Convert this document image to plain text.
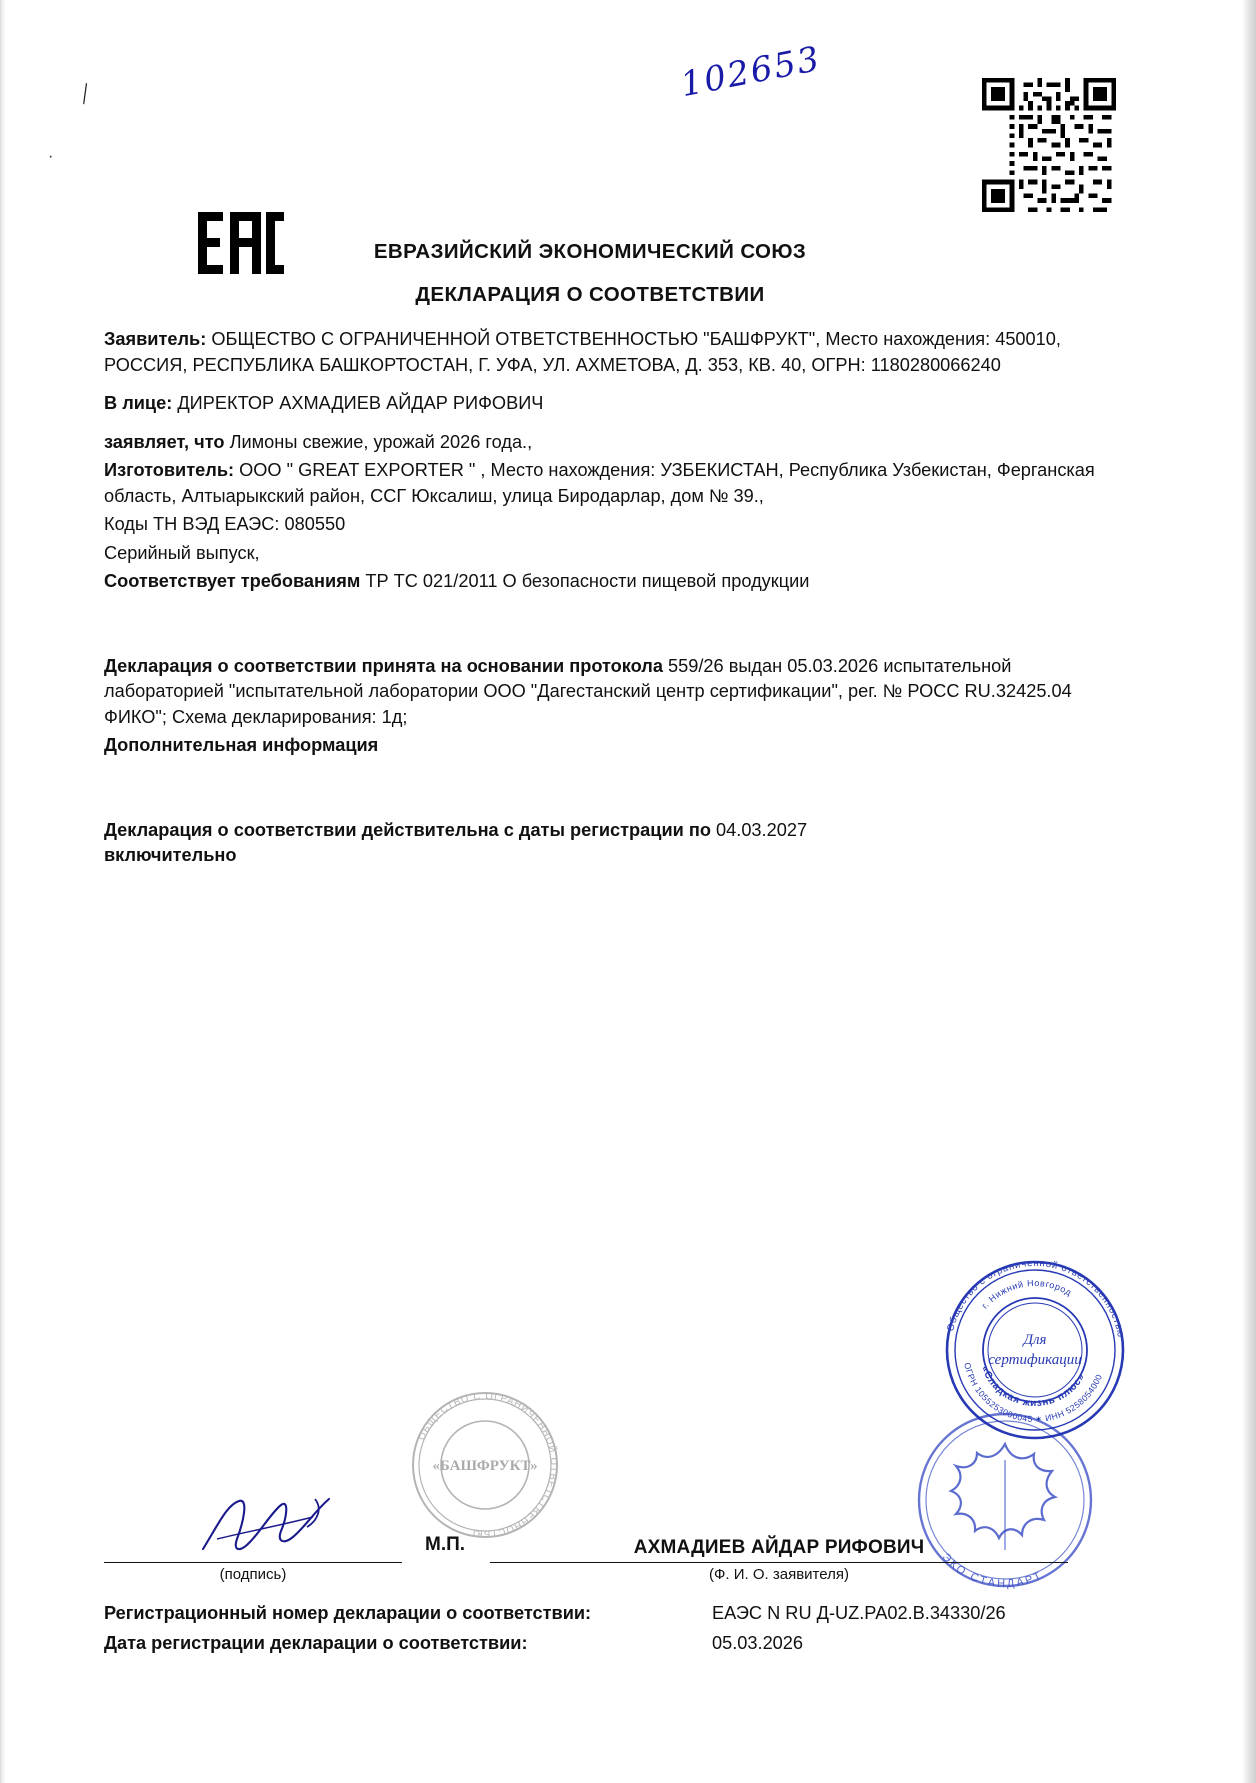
102653
╲
·
ЕВРАЗИЙСКИЙ ЭКОНОМИЧЕСКИЙ СОЮЗ
ДЕКЛАРАЦИЯ О СООТВЕТСТВИИ

Заявитель: ОБЩЕСТВО С ОГРАНИЧЕННОЙ ОТВЕТСТВЕННОСТЬЮ "БАШФРУКТ", Место нахождения: 450010, РОССИЯ, РЕСПУБЛИКА БАШКОРТОСТАН, Г. УФА, УЛ. АХМЕТОВА, Д. 353, КВ. 40, ОГРН: 1180280066240

В лице: ДИРЕКТОР АХМАДИЕВ АЙДАР РИФОВИЧ

заявляет, что Лимоны свежие, урожай 2026 года.,

Изготовитель: ООО " GREAT EXPORTER " , Место нахождения: УЗБЕКИСТАН, Республика Узбекистан, Ферганская область, Алтыарыкский район, ССГ Юксалиш, улица Биродарлар, дом № 39.,

Коды ТН ВЭД ЕАЭС: 080550

Серийный выпуск,

Соответствует требованиям ТР ТС 021/2011 О безопасности пищевой продукции

Декларация о соответствии принята на основании протокола 559/26 выдан 05.03.2026 испытательной лабораторией "испытательной лаборатории ООО "Дагестанский центр сертификации", рег. № РОСС RU.32425.04 ФИКО"; Схема декларирования: 1д;

Дополнительная информация

Декларация о соответствии действительна с даты регистрации по 04.03.2027
включительно

ОБЩЕСТВО С ОГРАНИЧЕННОЙ ОТВЕТСТВЕННОСТЬЮ
«БАШФРУКТ»
ЭКО СТАНДАРТ
Общество с ограниченной ответственностью
г. Нижний Новгород
ОГРН 1055253000045 ✶ ИНН 5258054000
«Сладкая жизнь плюс»
Для
сертификации
М.П.	АХМАДИЕВ АЙДАР РИФОВИЧ
(подпись)	(Ф. И. О. заявителя)
Регистрационный номер декларации о соответствии:	ЕАЭС N RU Д-UZ.РА02.В.34330/26
Дата регистрации декларации о соответствии:	05.03.2026
